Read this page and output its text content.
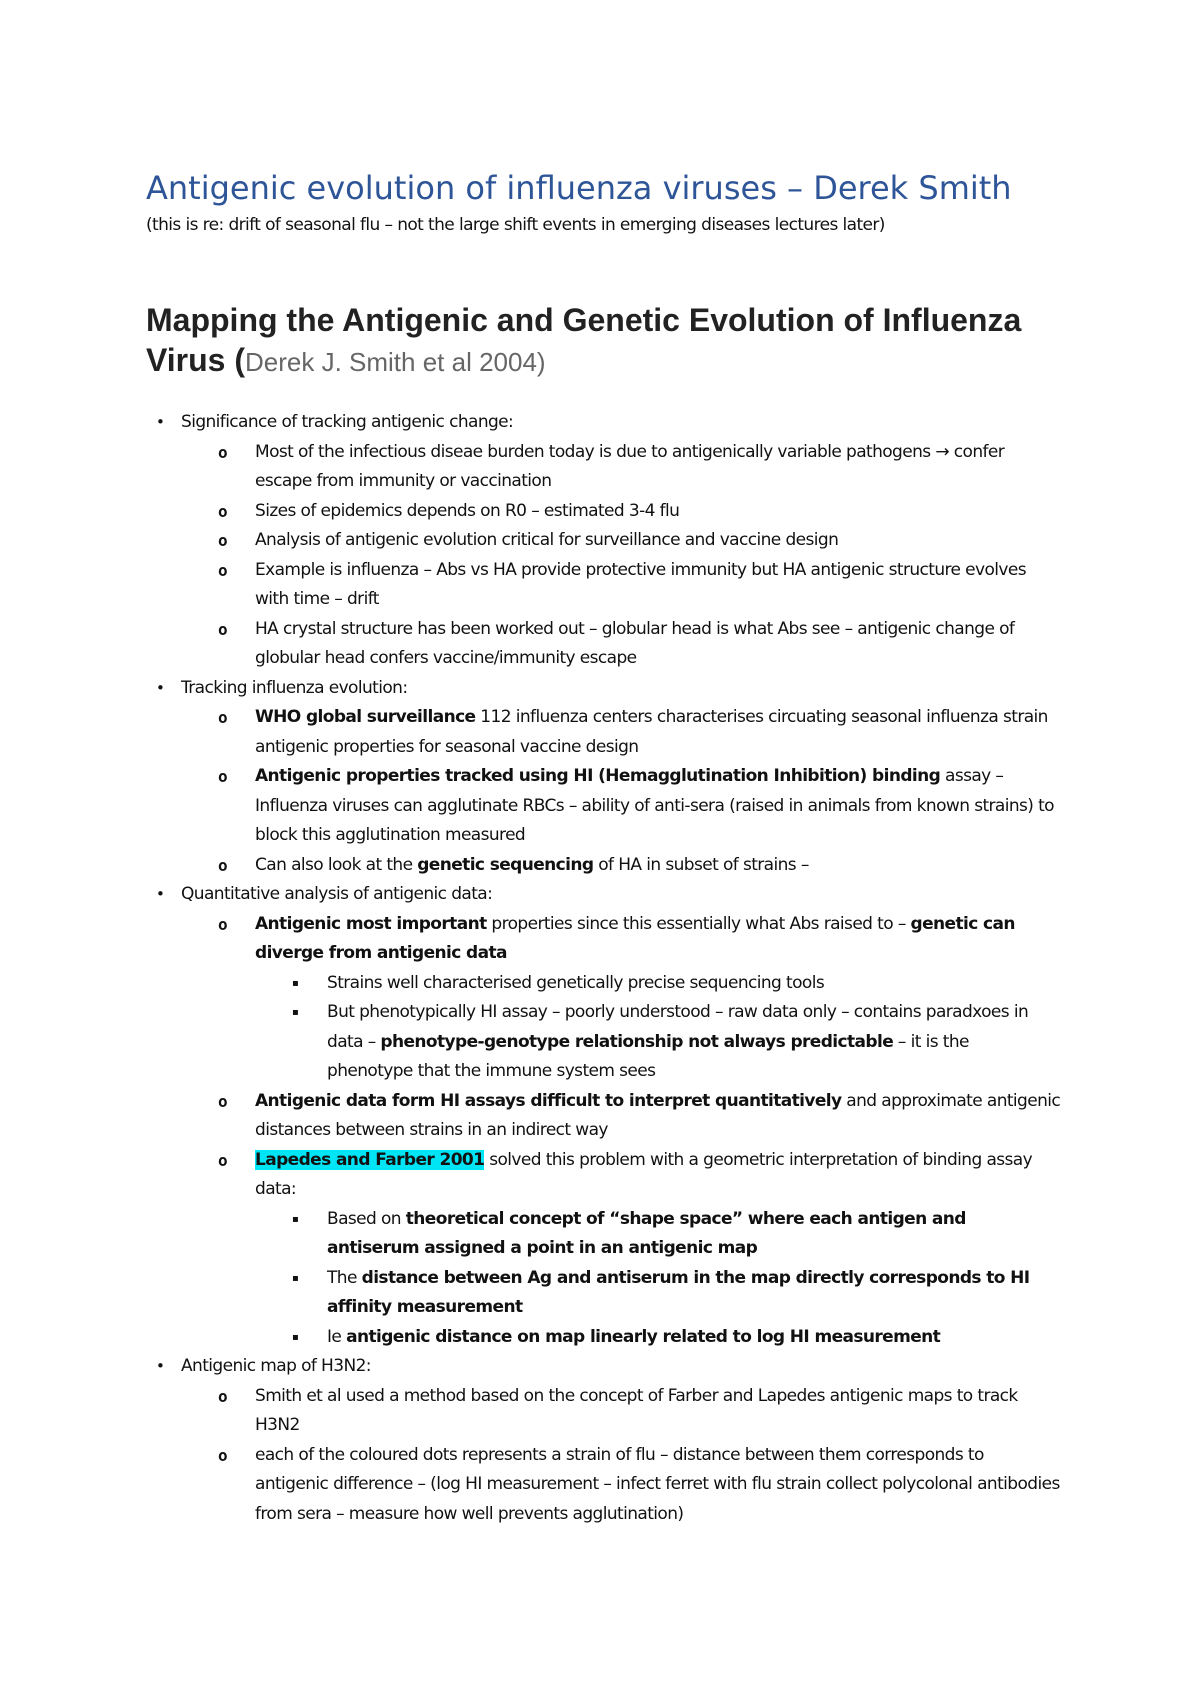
Antigenic evolution of influenza viruses – Derek Smith

(this is re: drift of seasonal flu – not the large shift events in emerging diseases lectures later)

Mapping the Antigenic and Genetic Evolution of Influenza Virus (Derek J. Smith et al 2004)
• Significance of tracking antigenic change:
o Most of the infectious diseae burden today is due to antigenically variable pathogens → confer escape from immunity or vaccination
o Sizes of epidemics depends on R0 – estimated 3-4 flu
o Analysis of antigenic evolution critical for surveillance and vaccine design
o Example is influenza – Abs vs HA provide protective immunity but HA antigenic structure evolves with time – drift
o HA crystal structure has been worked out – globular head is what Abs see – antigenic change of globular head confers vaccine/immunity escape
• Tracking influenza evolution:
o WHO global surveillance 112 influenza centers characterises circuating seasonal influenza strain antigenic properties for seasonal vaccine design
o Antigenic properties tracked using HI (Hemagglutination Inhibition) binding assay – Influenza viruses can agglutinate RBCs – ability of anti-sera (raised in animals from known strains) to block this agglutination measured
o Can also look at the genetic sequencing of HA in subset of strains –
• Quantitative analysis of antigenic data:
o Antigenic most important properties since this essentially what Abs raised to – genetic can diverge from antigenic data
▪ Strains well characterised genetically precise sequencing tools
▪ But phenotypically HI assay – poorly understood – raw data only – contains paradxoes in data – phenotype-genotype relationship not always predictable – it is the phenotype that the immune system sees
o Antigenic data form HI assays difficult to interpret quantitatively and approximate antigenic distances between strains in an indirect way
o Lapedes and Farber 2001 solved this problem with a geometric interpretation of binding assay data:
▪ Based on theoretical concept of “shape space” where each antigen and antiserum assigned a point in an antigenic map
▪ The distance between Ag and antiserum in the map directly corresponds to HI affinity measurement
▪ Ie antigenic distance on map linearly related to log HI measurement
• Antigenic map of H3N2:
o Smith et al used a method based on the concept of Farber and Lapedes antigenic maps to track H3N2
o each of the coloured dots represents a strain of flu – distance between them corresponds to antigenic difference – (log HI measurement – infect ferret with flu strain collect polycolonal antibodies from sera – measure how well prevents agglutination)
